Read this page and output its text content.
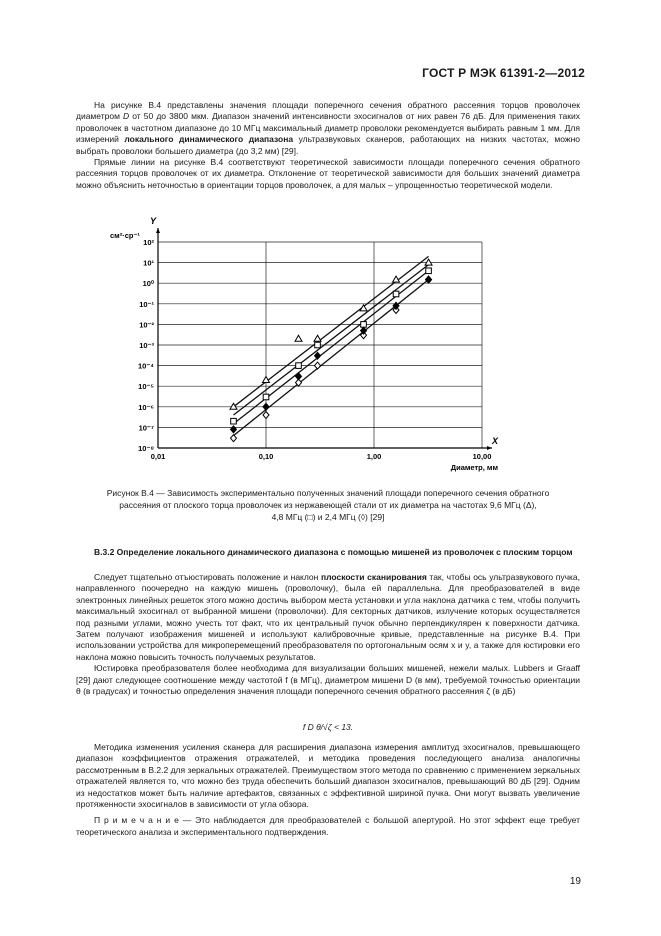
ГОСТ Р МЭК 61391-2—2012

На рисунке В.4 представлены значения площади поперечного сечения обратного рассеяния торцов проволочек диаметром D от 50 до 3800 мкм. Диапазон значений интенсивности эхосигналов от них равен 76 дБ. Для применения таких проволочек в частотном диапазоне до 10 МГц максимальный диаметр проволоки рекомендуется выбирать равным 1 мм. Для измерений локального динамического диапазона ультразвуковых сканеров, работающих на низких частотах, можно выбрать проволоки большего диаметра (до 3,2 мм) [29].

Прямые линии на рисунке В.4 соответствуют теоретической зависимости площади поперечного сечения обратного рассеяния торцов проволочек от их диаметра. Отклонение от теоретической зависимости для больших значений диаметра можно объяснить неточностью в ориентации торцов проволочек, а для малых – упрощенностью теоретической модели.

10⁻⁸
10⁻⁷
10⁻⁶
10⁻⁵
10⁻⁴
10⁻³
10⁻²
10⁻¹
10⁰
10¹
10²
0,01	0,10	1,00	10,00
Y
см²·ср⁻¹
X
Диаметр, мм
Рисунок В.4 — Зависимость экспериментально полученных значений площади поперечного сечения обратного
рассеяния от плоского торца проволочек из нержавеющей стали от их диаметра на частотах 9,6 МГц (Δ),
4,8 МГц (□) и 2,4 МГц (◊) [29]
В.3.2 Определение локального динамического диапазона с помощью мишеней из проволочек с плоским торцом

Следует тщательно отъюстировать положение и наклон плоскости сканирования так, чтобы ось ультразвукового пучка, направленного поочередно на каждую мишень (проволочку), была ей параллельна. Для преобразователей в виде электронных линейных решеток этого можно достичь выбором места установки и угла наклона датчика с тем, чтобы получить максимальный эхосигнал от выбранной мишени (проволочки). Для секторных датчиков, излучение которых осуществляется под разными углами, можно учесть тот факт, что их центральный пучок обычно перпендикулярен к поверхности датчика. Затем получают изображения мишеней и используют калибровочные кривые, представленные на рисунке В.4. При использовании устройства для микроперемещений преобразователя по ортогональным осям x и y, а также для юстировки его наклона можно повысить точность получаемых результатов.

Юстировка преобразователя более необходима для визуализации больших мишеней, нежели малых. Lubbers и Graaff [29] дают следующее соотношение между частотой f (в МГц), диаметром мишени D (в мм), требуемой точностью ориентации θ (в градусах) и точностью определения значения площади поперечного сечения обратного рассеяния ζ (в дБ)

f D θ/√ζ < 13.

Методика изменения усиления сканера для расширения диапазона измерения амплитуд эхосигналов, превышающего диапазон коэффициентов отражения отражателей, и методика проведения последующего анализа аналогичны рассмотренным в В.2.2 для зеркальных отражателей. Преимуществом этого метода по сравнению с применением зеркальных отражателей является то, что можно без труда обеспечить больший диапазон эхосигналов, превышающий 80 дБ [29]. Одним из недостатков может быть наличие артефактов, связанных с эффективной шириной пучка. Они могут вызвать увеличение протяженности эхосигналов в зависимости от угла обзора.

П р и м е ч а н и е — Это наблюдается для преобразователей с большой апертурой. Но этот эффект еще требует теоретического анализа и экспериментального подтверждения.

19
